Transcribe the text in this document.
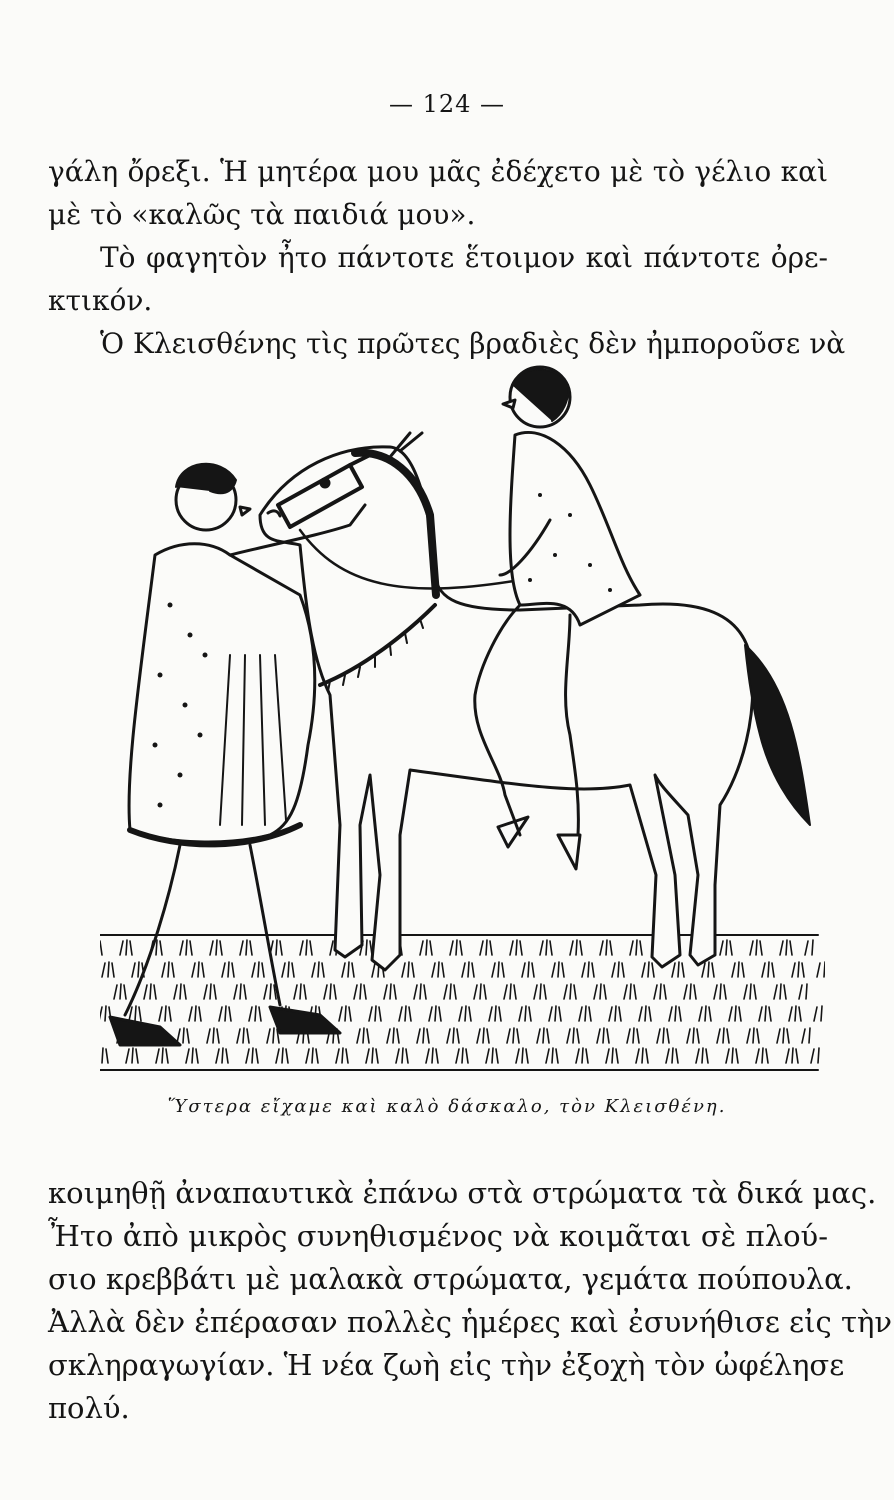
— 124 —
γάλη ὄρεξι. Ἡ μητέρα μου μᾶς ἐδέχετο μὲ τὸ γέλιο καὶ
μὲ τὸ «καλῶς τὰ παιδιά μου».
Τὸ φαγητὸν ἦτο πάντοτε ἕτοιμον καὶ πάντοτε ὀρε-
κτικόν.
Ὁ Κλεισθένης τὶς πρῶτες βραδιὲς δὲν ἠμποροῦσε νὰ
Ὕστερα εἴχαμε καὶ καλὸ δάσκαλο, τὸν Κλεισθένη.
κοιμηθῇ ἀναπαυτικὰ ἐπάνω στὰ στρώματα τὰ δικά μας.
Ἦτο ἀπὸ μικρὸς συνηθισμένος νὰ κοιμᾶται σὲ πλού-
σιο κρεββάτι μὲ μαλακὰ στρώματα, γεμάτα πούπουλα.
Ἀλλὰ δὲν ἐπέρασαν πολλὲς ἡμέρες καὶ ἐσυνήθισε εἰς τὴν
σκληραγωγίαν. Ἡ νέα ζωὴ εἰς τὴν ἐξοχὴ τὸν ὠφέλησε
πολύ.
